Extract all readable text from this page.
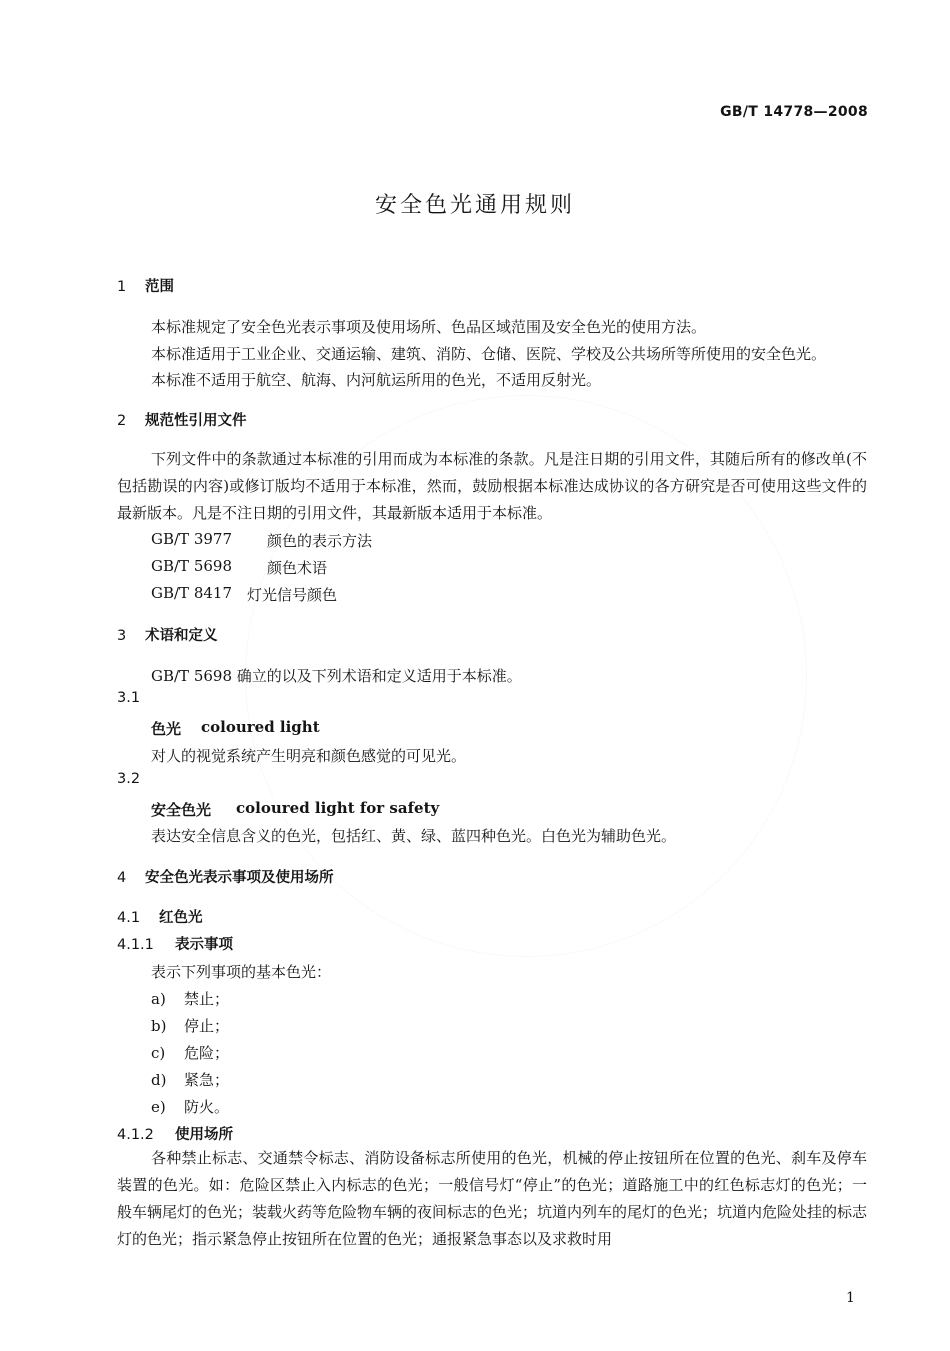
GB/T 14778—2008
安全色光通用规则
1 范围
本标准规定了安全色光表示事项及使用场所、色品区域范围及安全色光的使用方法。
本标准适用于工业企业、交通运输、建筑、消防、仓储、医院、学校及公共场所等所使用的安全色光。
本标准不适用于航空、航海、内河航运所用的色光，不适用反射光。
2 规范性引用文件
下列文件中的条款通过本标准的引用而成为本标准的条款。凡是注日期的引用文件，其随后所有的修改单(不包括勘误的内容)或修订版均不适用于本标准，然而，鼓励根据本标准达成协议的各方研究是否可使用这些文件的最新版本。凡是不注日期的引用文件，其最新版本适用于本标准。
GB/T 3977 颜色的表示方法
GB/T 5698 颜色术语
GB/T 8417 灯光信号颜色
3 术语和定义
GB/T 5698 确立的以及下列术语和定义适用于本标准。
3.1
色光 coloured light
对人的视觉系统产生明亮和颜色感觉的可见光。
3.2
安全色光 coloured light for safety
表达安全信息含义的色光，包括红、黄、绿、蓝四种色光。白色光为辅助色光。
4 安全色光表示事项及使用场所
4.1 红色光
4.1.1 表示事项
表示下列事项的基本色光：
a) 禁止；
b) 停止；
c) 危险；
d) 紧急；
e) 防火。
4.1.2 使用场所
各种禁止标志、交通禁令标志、消防设备标志所使用的色光，机械的停止按钮所在位置的色光、刹车及停车装置的色光。如：危险区禁止入内标志的色光；一般信号灯“停止”的色光；道路施工中的红色标志灯的色光；一般车辆尾灯的色光；装载火药等危险物车辆的夜间标志的色光；坑道内列车的尾灯的色光；坑道内危险处挂的标志灯的色光；指示紧急停止按钮所在位置的色光；通报紧急事态以及求救时用
1
